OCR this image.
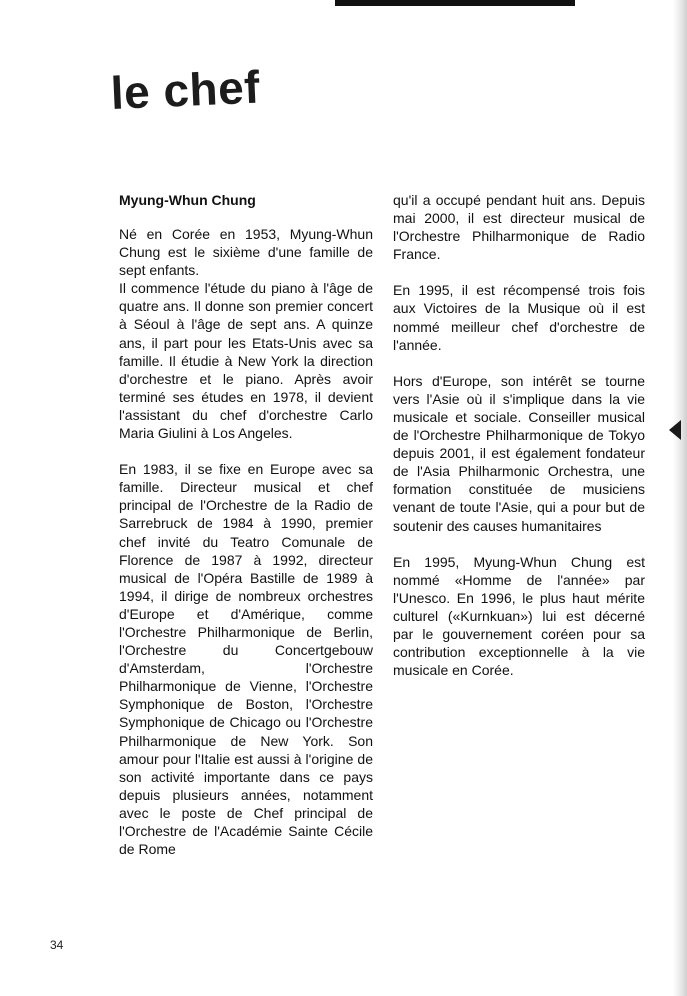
le chef
Myung-Whun Chung

Né en Corée en 1953, Myung-Whun Chung est le sixième d'une famille de sept enfants.

Il commence l'étude du piano à l'âge de quatre ans. Il donne son premier concert à Séoul à l'âge de sept ans. A quinze ans, il part pour les Etats-Unis avec sa famille. Il étudie à New York la direction d'orchestre et le piano. Après avoir terminé ses études en 1978, il devient l'assistant du chef d'orchestre Carlo Maria Giulini à Los Angeles.

En 1983, il se fixe en Europe avec sa famille. Directeur musical et chef principal de l'Orchestre de la Radio de Sarrebruck de 1984 à 1990, premier chef invité du Teatro Comunale de Florence de 1987 à 1992, directeur musical de l'Opéra Bastille de 1989 à 1994, il dirige de nombreux orchestres d'Europe et d'Amérique, comme l'Orchestre Philharmonique de Berlin, l'Orchestre du Concertgebouw d'Amsterdam, l'Orchestre Philharmonique de Vienne, l'Orchestre Symphonique de Boston, l'Orchestre Symphonique de Chicago ou l'Orchestre Philharmonique de New York. Son amour pour l'Italie est aussi à l'origine de son activité importante dans ce pays depuis plusieurs années, notamment avec le poste de Chef principal de l'Orchestre de l'Académie Sainte Cécile de Rome

qu'il a occupé pendant huit ans. Depuis mai 2000, il est directeur musical de l'Orchestre Philharmonique de Radio France.

En 1995, il est récompensé trois fois aux Victoires de la Musique où il est nommé meilleur chef d'orchestre de l'année.

Hors d'Europe, son intérêt se tourne vers l'Asie où il s'implique dans la vie musicale et sociale. Conseiller musical de l'Orchestre Philharmonique de Tokyo depuis 2001, il est également fondateur de l'Asia Philharmonic Orchestra, une formation constituée de musiciens venant de toute l'Asie, qui a pour but de soutenir des causes humanitaires

En 1995, Myung-Whun Chung est nommé «Homme de l'année» par l'Unesco. En 1996, le plus haut mérite culturel («Kurnkuan») lui est décerné par le gouvernement coréen pour sa contribution exceptionnelle à la vie musicale en Corée.

34
